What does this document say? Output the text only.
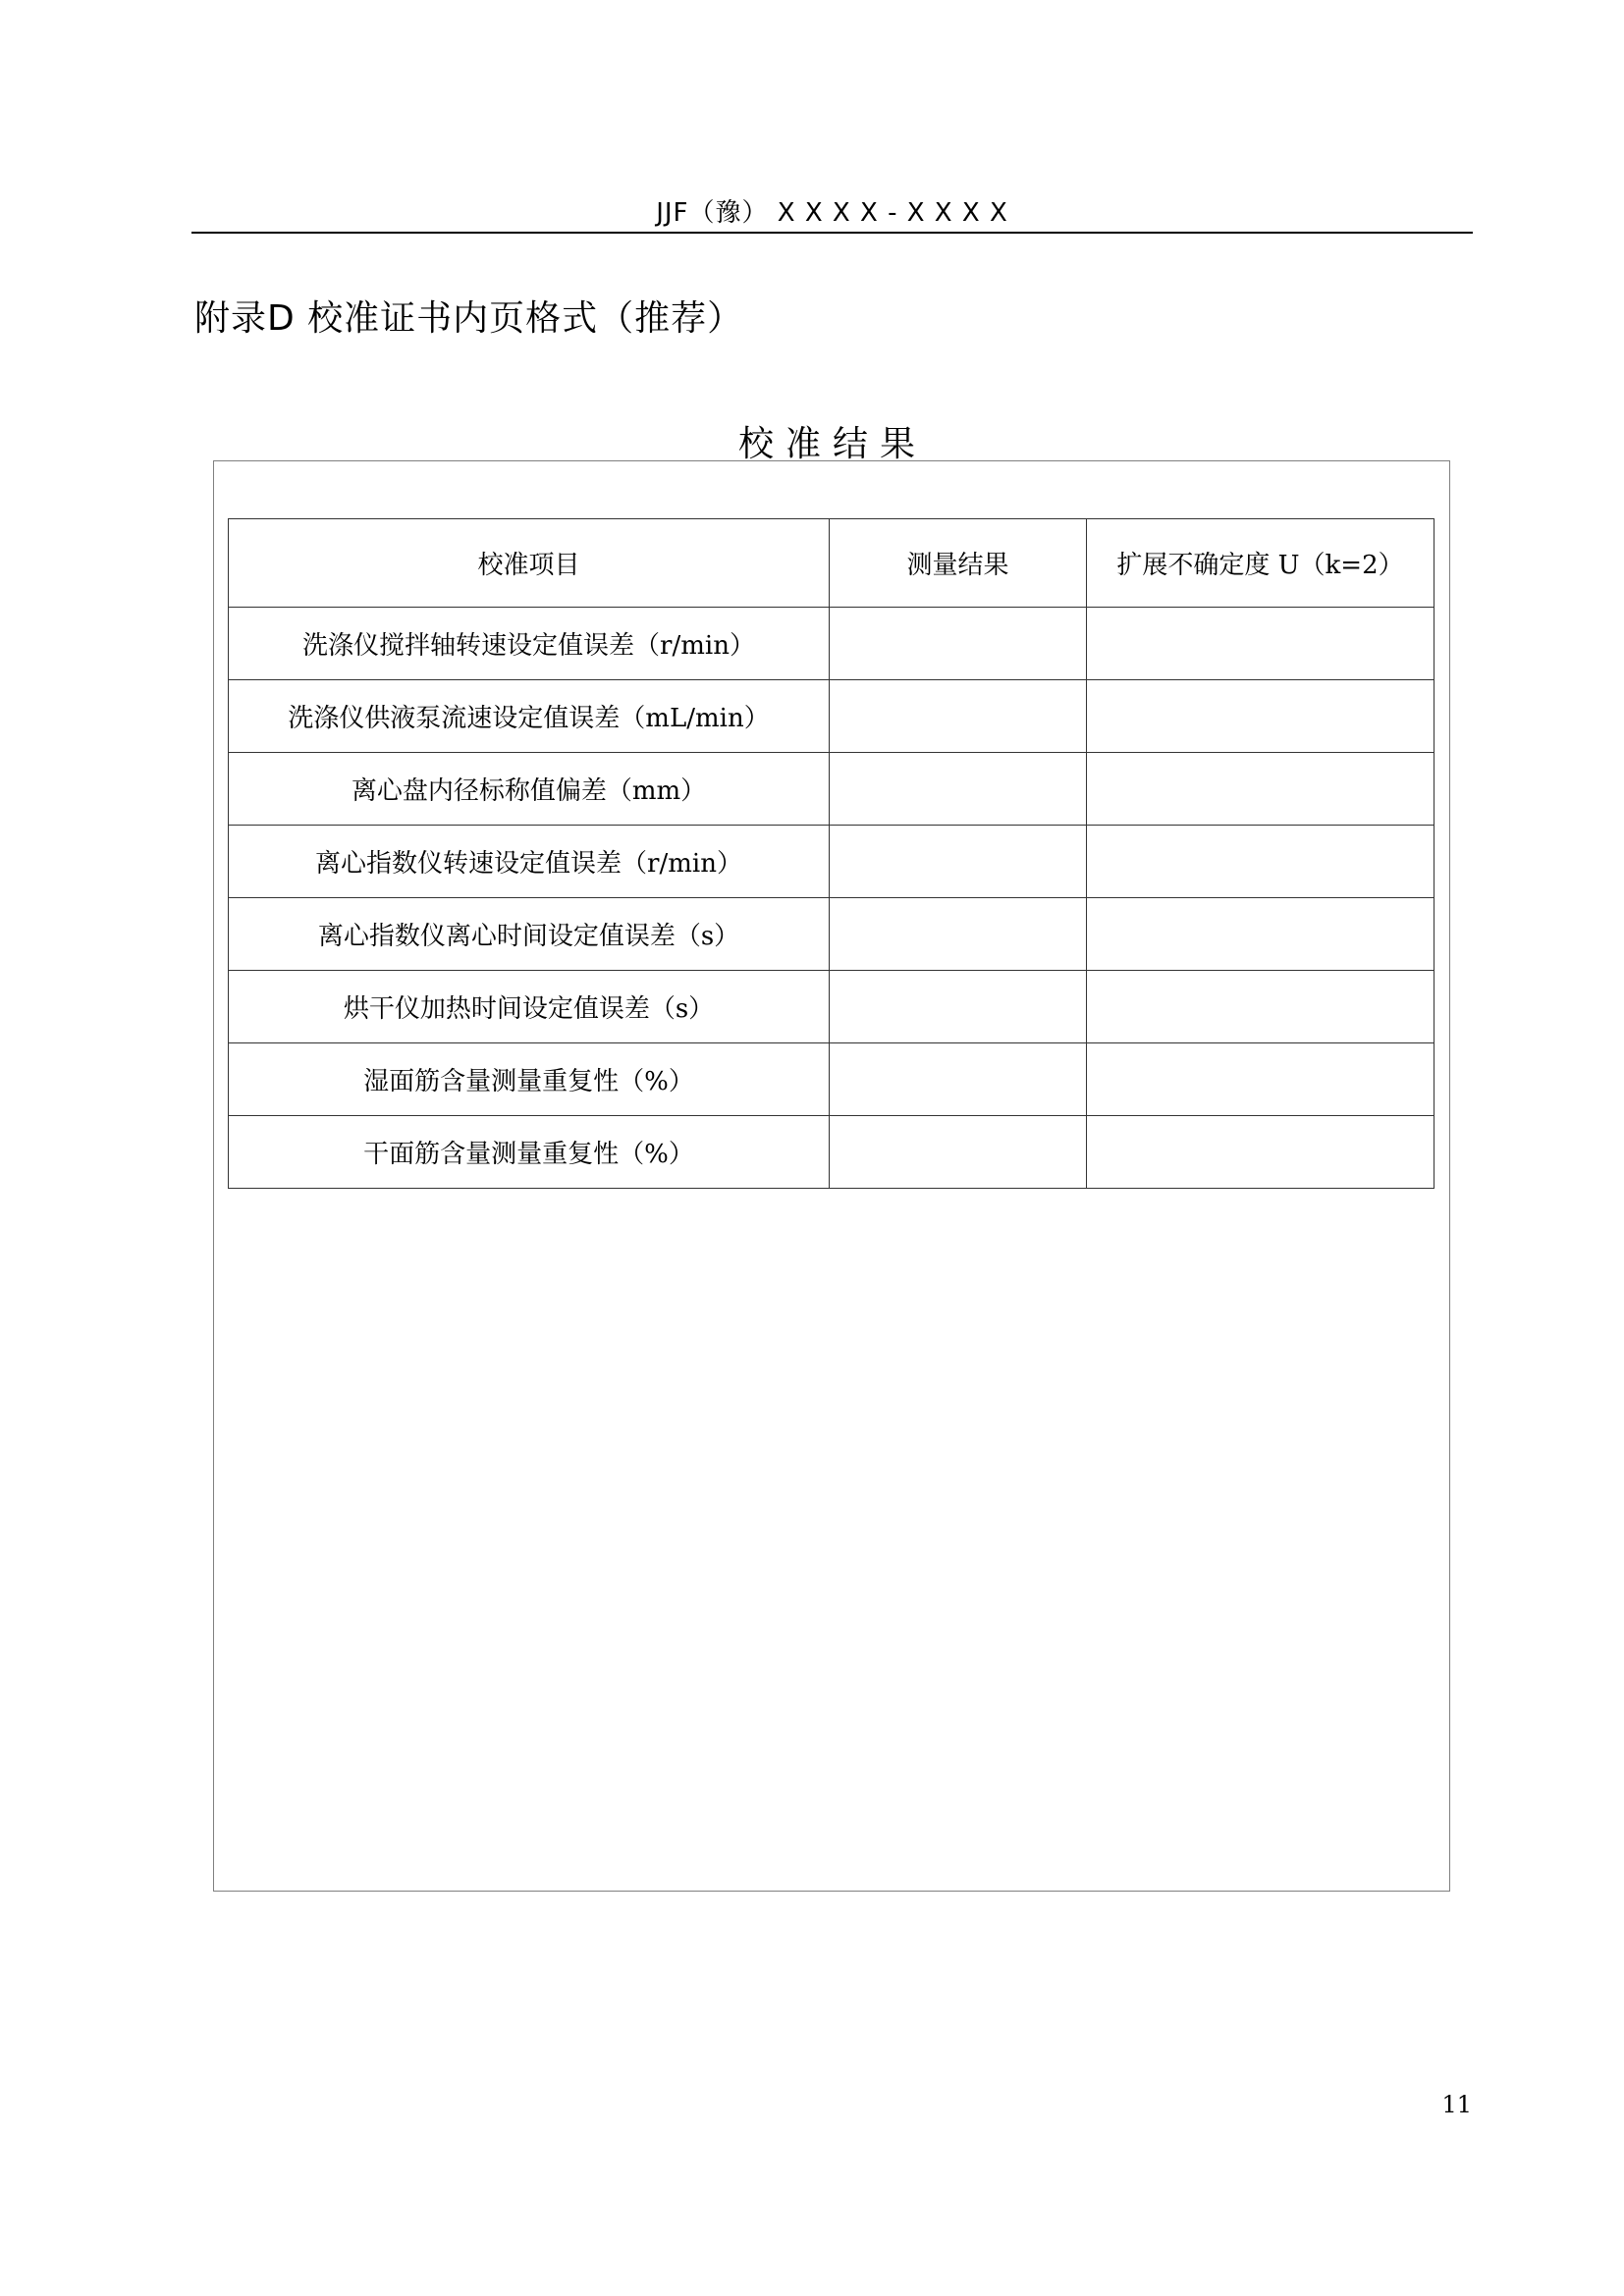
JJF（豫） X X X X - X X X X
附录D 校准证书内页格式（推荐）
校准结果
校准项目	测量结果	扩展不确定度 U（k=2）
洗涤仪搅拌轴转速设定值误差（r/min）		
洗涤仪供液泵流速设定值误差（mL/min）		
离心盘内径标称值偏差（mm）		
离心指数仪转速设定值误差（r/min）		
离心指数仪离心时间设定值误差（s）		
烘干仪加热时间设定值误差（s）		
湿面筋含量测量重复性（%）		
干面筋含量测量重复性（%）		
11
